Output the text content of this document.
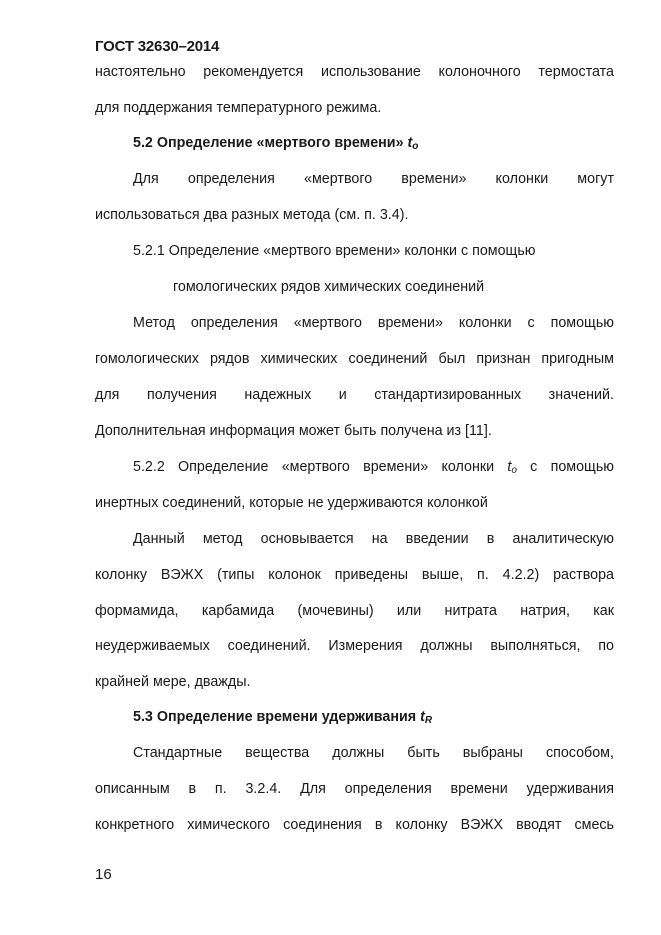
ГОСТ 32630–2014
настоятельно рекомендуется использование колоночного термостата
для поддержания температурного режима.
5.2 Определение «мертвого времени» $t_o$
Для определения «мертвого времени» колонки могут
использоваться два разных метода (см. п. 3.4).
5.2.1 Определение «мертвого времени» колонки с помощью
гомологических рядов химических соединений
Метод определения «мертвого времени» колонки с помощью
гомологических рядов химических соединений был признан пригодным
для получения надежных и стандартизированных значений.
Дополнительная информация может быть получена из [11].
5.2.2 Определение «мертвого времени» колонки $t_o$ с помощью
инертных соединений, которые не удерживаются колонкой
Данный метод основывается на введении в аналитическую
колонку ВЭЖХ (типы колонок приведены выше, п. 4.2.2) раствора
формамида, карбамида (мочевины) или нитрата натрия, как
неудерживаемых соединений. Измерения должны выполняться, по
крайней мере, дважды.
5.3 Определение времени удерживания $t_R$
Стандартные вещества должны быть выбраны способом,
описанным в п. 3.2.4. Для определения времени удерживания
конкретного химического соединения в колонку ВЭЖХ вводят смесь
16
